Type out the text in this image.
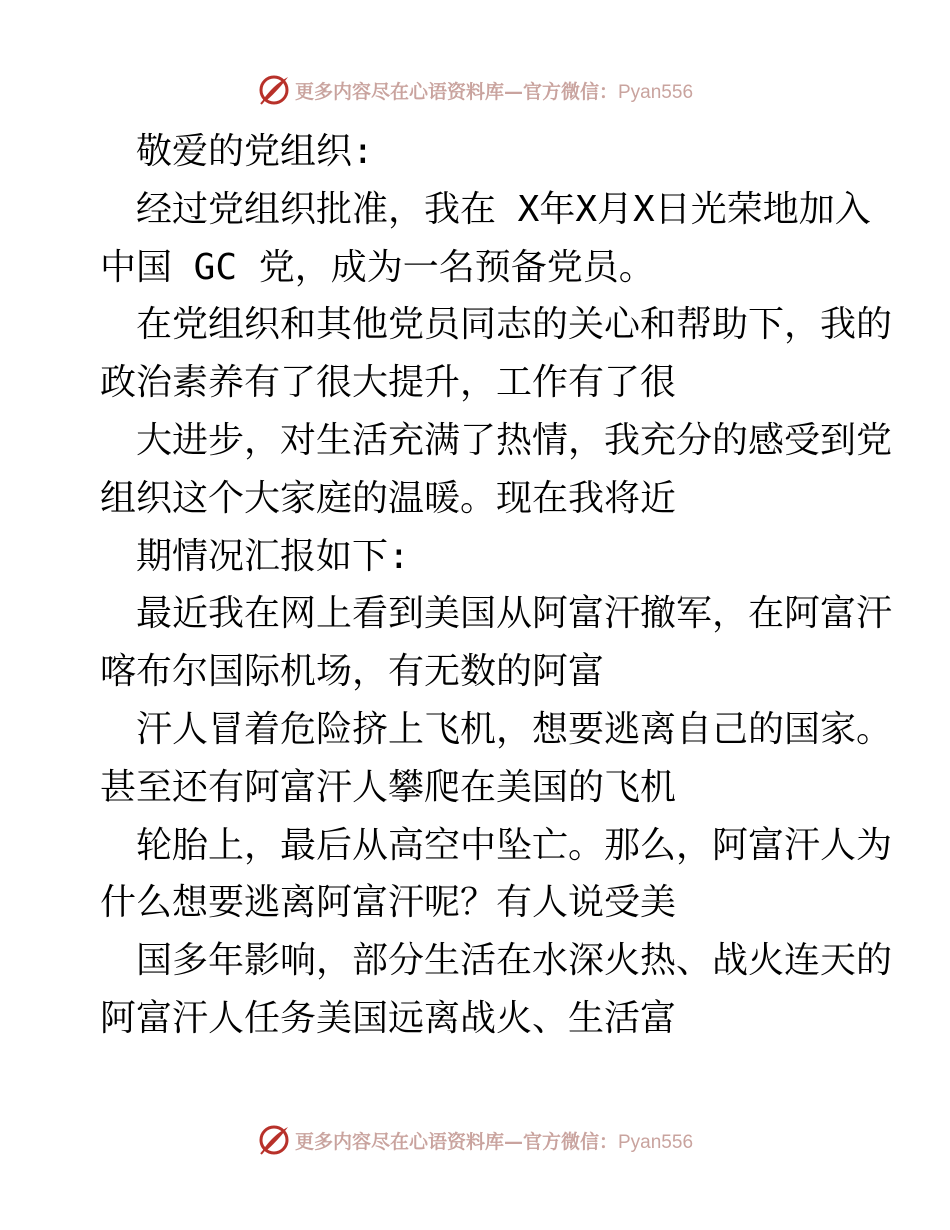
更多内容尽在心语资料库—官方微信：Pyan556
敬爱的党组织:
经过党组织批准，我在 X年X月X日光荣地加入
中国 GC 党，成为一名预备党员。
在党组织和其他党员同志的关心和帮助下，我的
政治素养有了很大提升，工作有了很
大进步，对生活充满了热情，我充分的感受到党
组织这个大家庭的温暖。现在我将近
期情况汇报如下:
最近我在网上看到美国从阿富汗撤军，在阿富汗
喀布尔国际机场，有无数的阿富
汗人冒着危险挤上飞机，想要逃离自己的国家。
甚至还有阿富汗人攀爬在美国的飞机
轮胎上，最后从高空中坠亡。那么，阿富汗人为
什么想要逃离阿富汗呢？有人说受美
国多年影响，部分生活在水深火热、战火连天的
阿富汗人任务美国远离战火、生活富
更多内容尽在心语资料库—官方微信：Pyan556
